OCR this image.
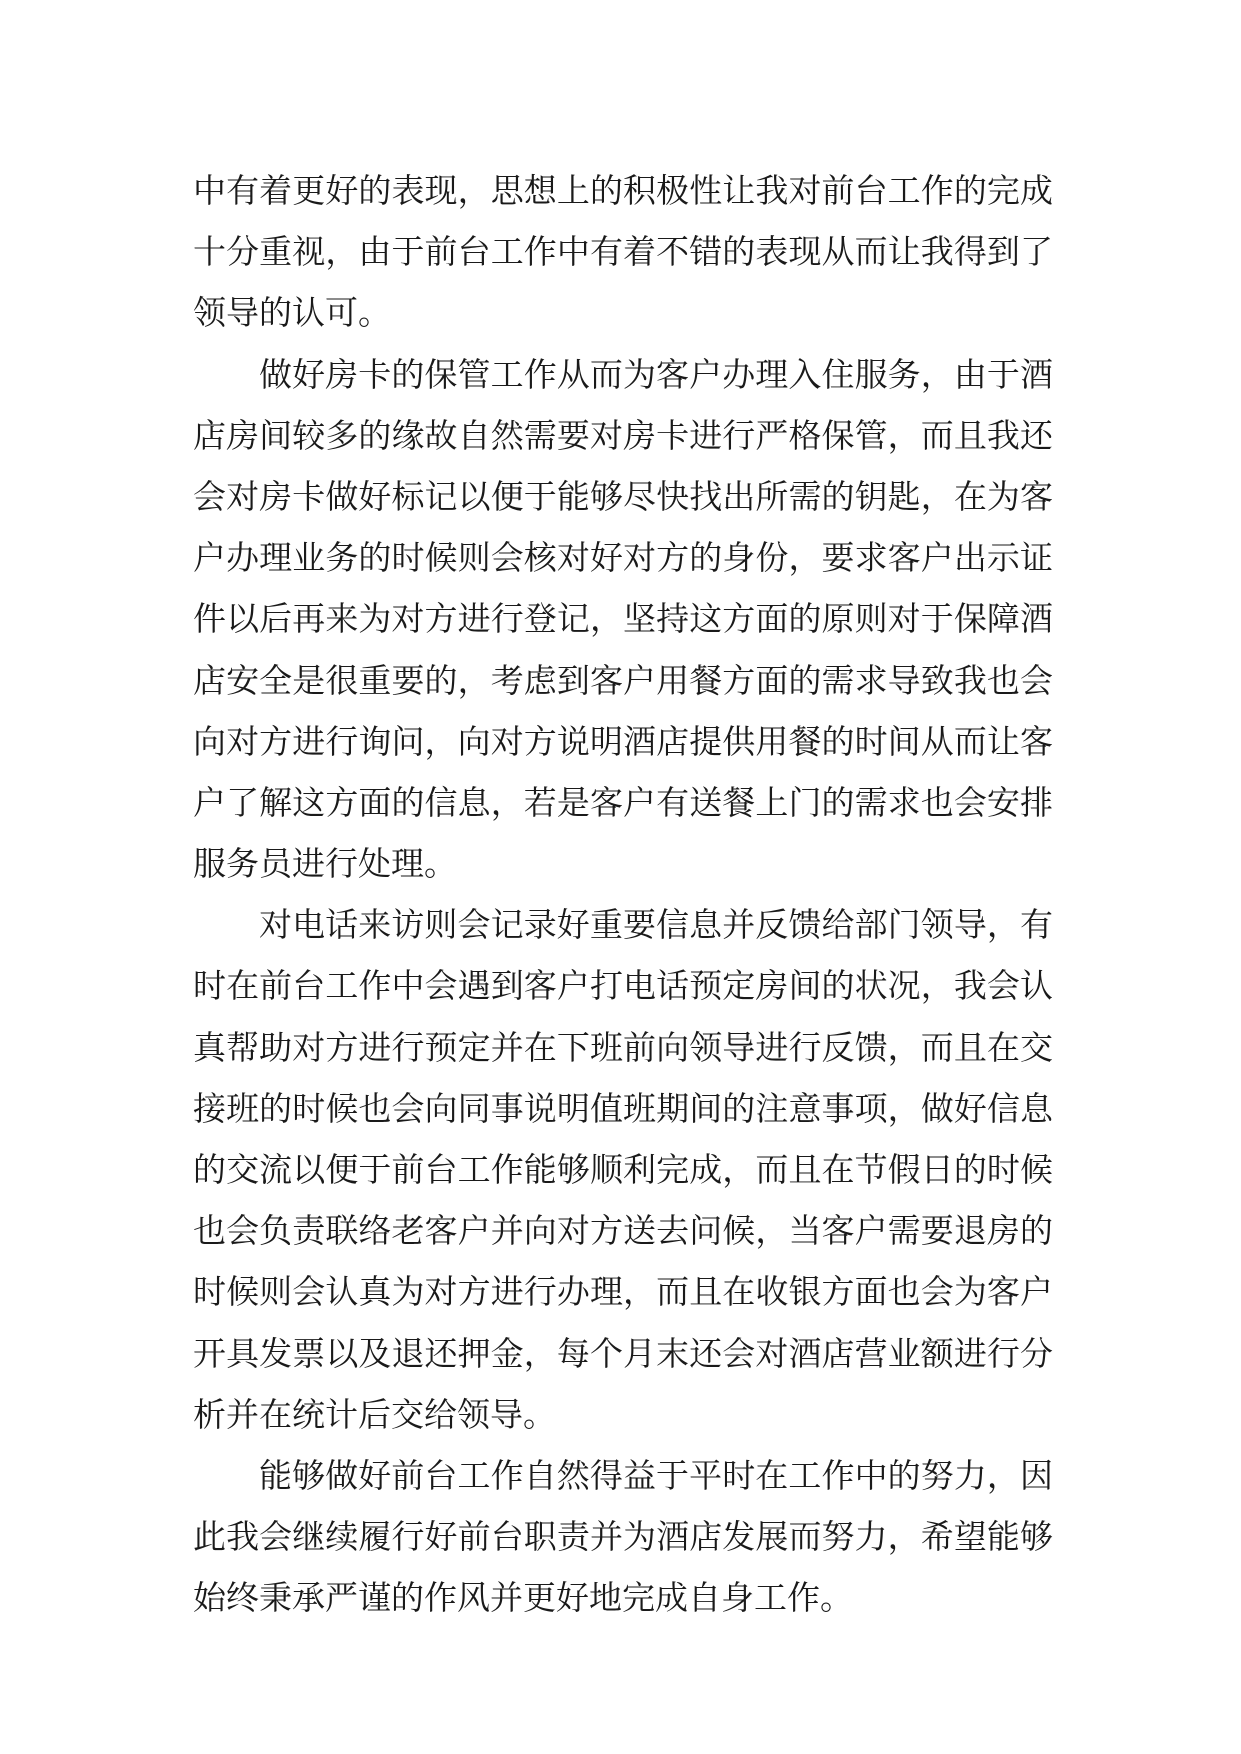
中有着更好的表现，思想上的积极性让我对前台工作的完成
十分重视，由于前台工作中有着不错的表现从而让我得到了
领导的认可。
做好房卡的保管工作从而为客户办理入住服务，由于酒
店房间较多的缘故自然需要对房卡进行严格保管，而且我还
会对房卡做好标记以便于能够尽快找出所需的钥匙，在为客
户办理业务的时候则会核对好对方的身份，要求客户出示证
件以后再来为对方进行登记，坚持这方面的原则对于保障酒
店安全是很重要的，考虑到客户用餐方面的需求导致我也会
向对方进行询问，向对方说明酒店提供用餐的时间从而让客
户了解这方面的信息，若是客户有送餐上门的需求也会安排
服务员进行处理。
对电话来访则会记录好重要信息并反馈给部门领导，有
时在前台工作中会遇到客户打电话预定房间的状况，我会认
真帮助对方进行预定并在下班前向领导进行反馈，而且在交
接班的时候也会向同事说明值班期间的注意事项，做好信息
的交流以便于前台工作能够顺利完成，而且在节假日的时候
也会负责联络老客户并向对方送去问候，当客户需要退房的
时候则会认真为对方进行办理，而且在收银方面也会为客户
开具发票以及退还押金，每个月末还会对酒店营业额进行分
析并在统计后交给领导。
能够做好前台工作自然得益于平时在工作中的努力，因
此我会继续履行好前台职责并为酒店发展而努力，希望能够
始终秉承严谨的作风并更好地完成自身工作。
